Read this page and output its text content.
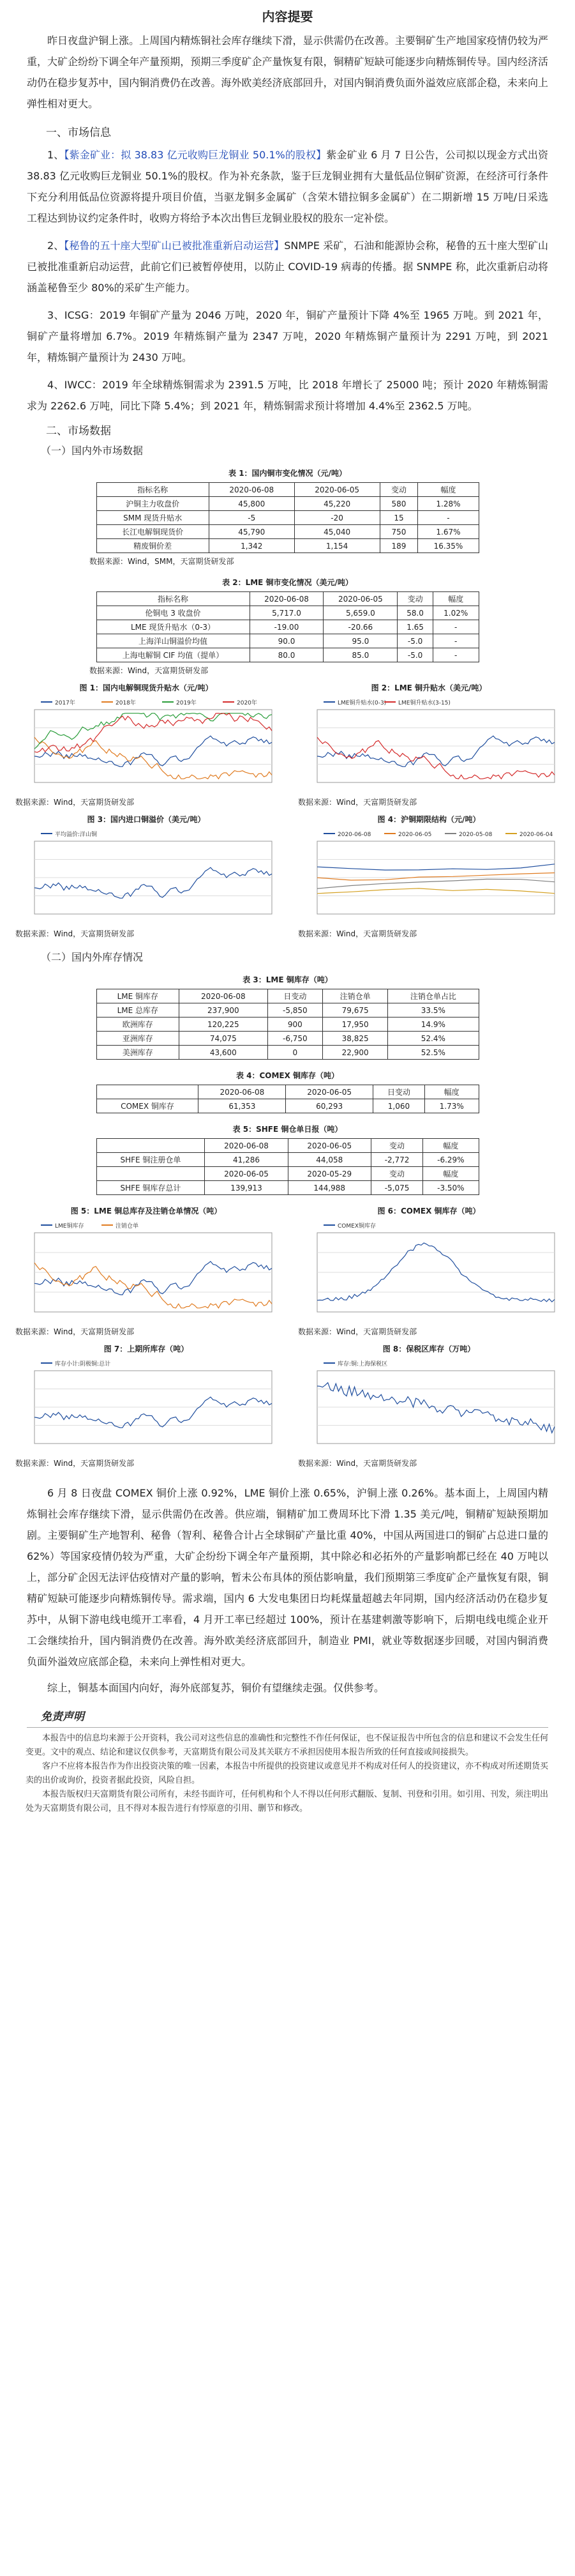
内容提要

昨日夜盘沪铜上涨。上周国内精炼铜社会库存继续下滑，显示供需仍在改善。主要铜矿生产地国家疫情仍较为严重，大矿企纷纷下调全年产量预期，预期三季度矿企产量恢复有限，铜精矿短缺可能逐步向精炼铜传导。国内经济活动仍在稳步复苏中，国内铜消费仍在改善。海外欧美经济底部回升，对国内铜消费负面外溢效应底部企稳，未来向上弹性相对更大。

一、市场信息

1、【紫金矿业：拟 38.83 亿元收购巨龙铜业 50.1%的股权】紫金矿业 6 月 7 日公告，公司拟以现金方式出资 38.83 亿元收购巨龙铜业 50.1%的股权。作为补充条款，鉴于巨龙铜业拥有大量低品位铜矿资源，在经济可行条件下充分利用低品位资源将提升项目价值，当驱龙铜多金属矿（含荣木错拉铜多金属矿）在二期新增 15 万吨/日采选工程达到协议约定条件时，收购方将给予本次出售巨龙铜业股权的股东一定补偿。

2、【秘鲁的五十座大型矿山已被批准重新启动运营】SNMPE 采矿，石油和能源协会称，秘鲁的五十座大型矿山已被批准重新启动运营，此前它们已被暂停使用，以防止 COVID-19 病毒的传播。据 SNMPE 称，此次重新启动将涵盖秘鲁至少 80%的采矿生产能力。

3、ICSG：2019 年铜矿产量为 2046 万吨，2020 年，铜矿产量预计下降 4%至 1965 万吨。到 2021 年，铜矿产量将增加 6.7%。2019 年精炼铜产量为 2347 万吨，2020 年精炼铜产量预计为 2291 万吨，到 2021 年，精炼铜产量预计为 2430 万吨。

4、IWCC：2019 年全球精炼铜需求为 2391.5 万吨，比 2018 年增长了 25000 吨；预计 2020 年精炼铜需求为 2262.6 万吨，同比下降 5.4%；到 2021 年，精炼铜需求预计将增加 4.4%至 2362.5 万吨。

二、市场数据
（一）国内外市场数据
表 1：国内铜市变化情况（元/吨）
指标名称	2020-06-08	2020-06-05	变动	幅度
沪铜主力收盘价	45,800	45,220	580	1.28%
SMM 现货升贴水	-5	-20	15	-
长江电解铜现货价	45,790	45,040	750	1.67%
精废铜价差	1,342	1,154	189	16.35%
数据来源：Wind，SMM，天富期货研发部
表 2：LME 铜市变化情况（美元/吨）
指标名称	2020-06-08	2020-06-05	变动	幅度
伦铜电 3 收盘价	5,717.0	5,659.0	58.0	1.02%
LME 现货升贴水（0-3）	-19.00	-20.66	1.65	-
上海洋山铜溢价均值	90.0	95.0	-5.0	-
上海电解铜 CIF 均值（提单）	80.0	85.0	-5.0	-
数据来源：Wind，天富期货研发部
图 1：国内电解铜现货升贴水（元/吨）
2017年	2018年	2019年	2020年
数据来源：Wind，天富期货研发部
图 2：LME 铜升贴水（美元/吨）
LME铜升贴水(0-3) LME铜升贴水(3-15)
数据来源：Wind，天富期货研发部
图 3：国内进口铜溢价（美元/吨）
平均溢价:洋山铜
数据来源：Wind，天富期货研发部
图 4：沪铜期限结构（元/吨）
2020-06-08	2020-06-05	2020-05-08	2020-06-04
数据来源：Wind，天富期货研发部
（二）国内外库存情况
表 3：LME 铜库存（吨）
LME 铜库存	2020-06-08	日变动	注销仓单	注销仓单占比
LME 总库存	237,900	-5,850	79,675	33.5%
欧洲库存	120,225	900	17,950	14.9%
亚洲库存	74,075	-6,750	38,825	52.4%
美洲库存	43,600	0	22,900	52.5%
表 4：COMEX 铜库存（吨）
	2020-06-08	2020-06-05	日变动	幅度
COMEX 铜库存	61,353	60,293	1,060	1.73%
表 5：SHFE 铜仓单日报（吨）
	2020-06-08	2020-06-05	变动	幅度
SHFE 铜注册仓单	41,286	44,058	-2,772	-6.29%
	2020-06-05	2020-05-29	变动	幅度
SHFE 铜库存总计	139,913	144,988	-5,075	-3.50%
图 5：LME 铜总库存及注销仓单情况（吨）
LME铜库存	注销仓单
数据来源：Wind，天富期货研发部
图 6：COMEX 铜库存（吨）
COMEX铜库存
数据来源：Wind，天富期货研发部
图 7：上期所库存（吨）
库存小计:阴极铜:总计
数据来源：Wind，天富期货研发部
图 8：保税区库存（万吨）
库存:铜:上海保税区
数据来源：Wind，天富期货研发部

6 月 8 日夜盘 COMEX 铜价上涨 0.92%，LME 铜价上涨 0.65%，沪铜上涨 0.26%。基本面上，上周国内精炼铜社会库存继续下滑，显示供需仍在改善。供应端，铜精矿加工费周环比下滑 1.35 美元/吨，铜精矿短缺预期加剧。主要铜矿生产地智利、秘鲁（智利、秘鲁合计占全球铜矿产量比重 40%，中国从两国进口的铜矿占总进口量的 62%）等国家疫情仍较为严重，大矿企纷纷下调全年产量预期，其中除必和必拓外的产量影响都已经在 40 万吨以上，部分矿企因无法评估疫情对产量的影响，暂未公布具体的预估影响量，我们预期第三季度矿企产量恢复有限，铜精矿短缺可能逐步向精炼铜传导。需求端，国内 6 大发电集团日均耗煤量超越去年同期，国内经济活动仍在稳步复苏中，从铜下游电线电缆开工率看，4 月开工率已经超过 100%，预计在基建刺激等影响下，后期电线电缆企业开工会继续抬升，国内铜消费仍在改善。海外欧美经济底部回升，制造业 PMI，就业等数据逐步回暖，对国内铜消费负面外溢效应底部企稳，未来向上弹性相对更大。

综上，铜基本面国内向好，海外底部复苏，铜价有望继续走强。仅供参考。

免责声明

本报告中的信息均来源于公开资料，我公司对这些信息的准确性和完整性不作任何保证，也不保证报告中所包含的信息和建议不会发生任何变更。文中的观点、结论和建议仅供参考，天富期货有限公司及其关联方不承担因使用本报告所致的任何直接或间接损失。

客户不应将本报告作为作出投资决策的唯一因素，本报告中所提供的投资建议或意见并不构成对任何人的投资建议，亦不构成对所述期货买卖的出价或询价，投资者据此投资，风险自担。

本报告版权归天富期货有限公司所有，未经书面许可，任何机构和个人不得以任何形式翻版、复制、刊登和引用。如引用、刊发，须注明出处为天富期货有限公司，且不得对本报告进行有悖原意的引用、删节和修改。
